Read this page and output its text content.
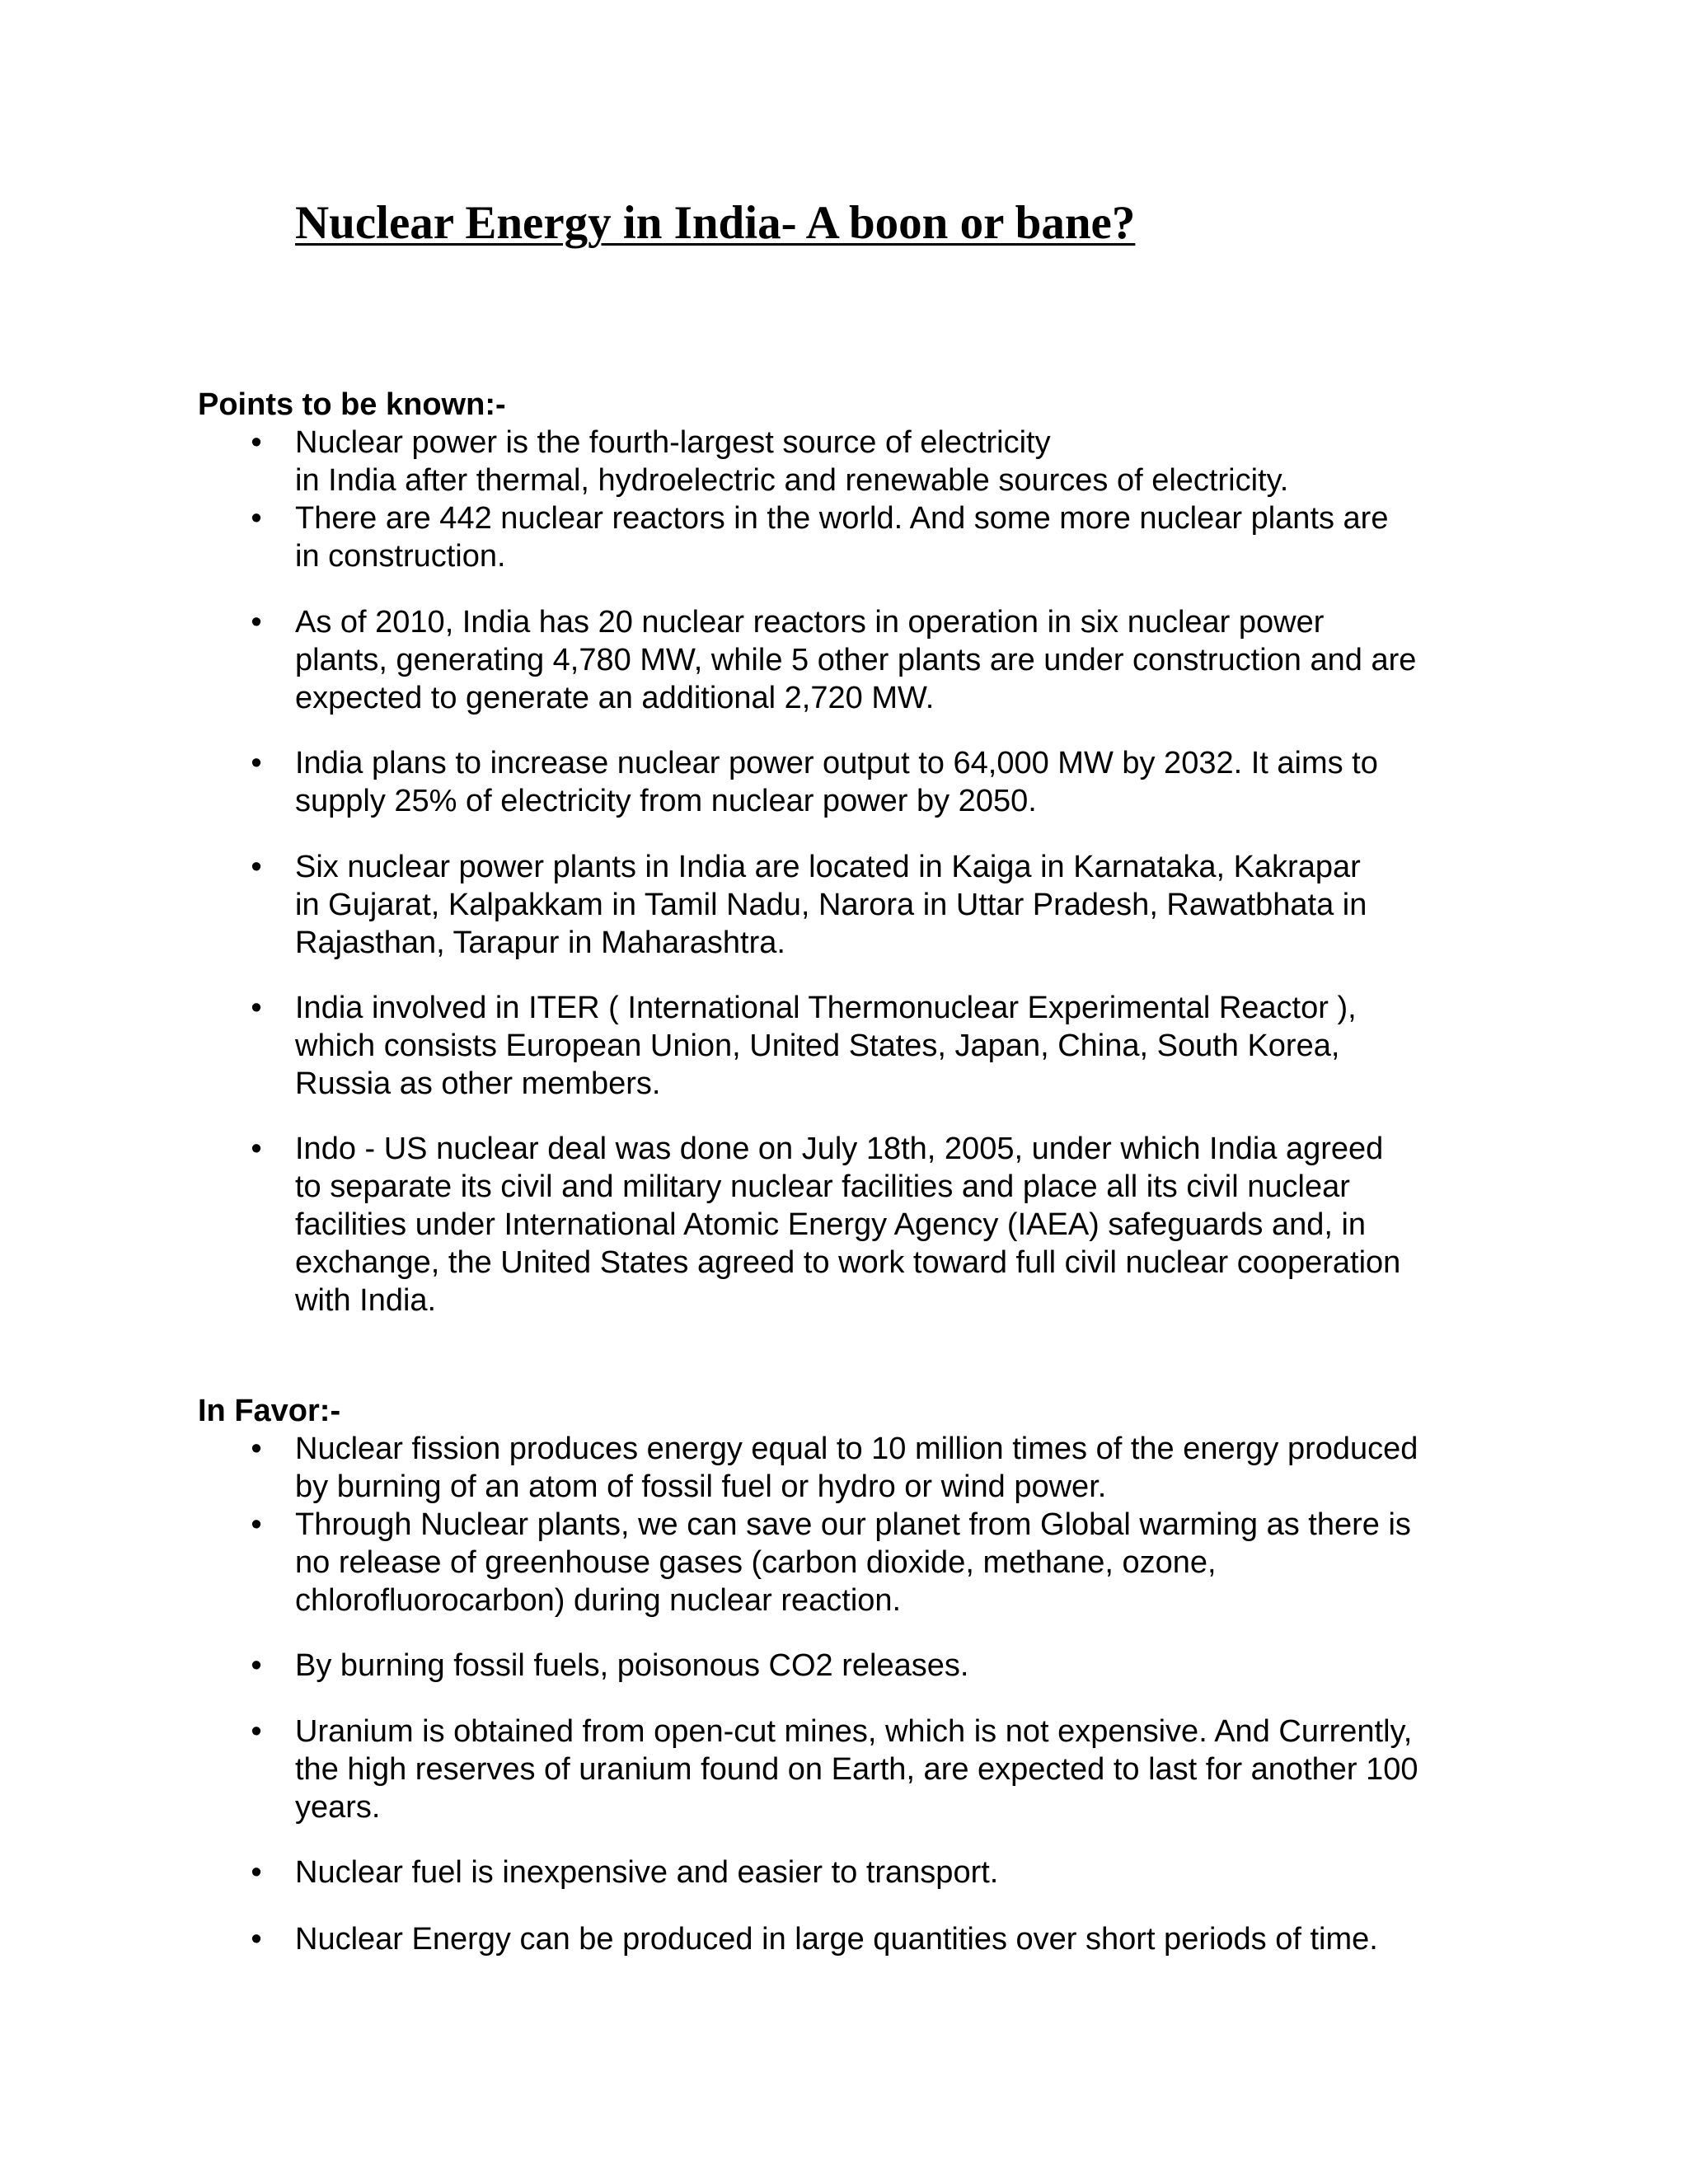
Nuclear Energy in India- A boon or bane?
Points to be known:-
• Nuclear power is the fourth-largest source of electricity
in India after thermal, hydroelectric and renewable sources of electricity.
• There are 442 nuclear reactors in the world. And some more nuclear plants are
in construction.
• As of 2010, India has 20 nuclear reactors in operation in six nuclear power
plants, generating 4,780 MW, while 5 other plants are under construction and are
expected to generate an additional 2,720 MW.
• India plans to increase nuclear power output to 64,000 MW by 2032. It aims to
supply 25% of electricity from nuclear power by 2050.
• Six nuclear power plants in India are located in Kaiga in Karnataka, Kakrapar
in Gujarat, Kalpakkam in Tamil Nadu, Narora in Uttar Pradesh, Rawatbhata in
Rajasthan, Tarapur in Maharashtra.
• India involved in ITER ( International Thermonuclear Experimental Reactor ),
which consists European Union, United States, Japan, China, South Korea,
Russia as other members.
• Indo - US nuclear deal was done on July 18th, 2005, under which India agreed
to separate its civil and military nuclear facilities and place all its civil nuclear
facilities under International Atomic Energy Agency (IAEA) safeguards and, in
exchange, the United States agreed to work toward full civil nuclear cooperation
with India.
In Favor:-
• Nuclear fission produces energy equal to 10 million times of the energy produced
by burning of an atom of fossil fuel or hydro or wind power.
• Through Nuclear plants, we can save our planet from Global warming as there is
no release of greenhouse gases (carbon dioxide, methane, ozone,
chlorofluorocarbon) during nuclear reaction.
• By burning fossil fuels, poisonous CO2 releases.
• Uranium is obtained from open-cut mines, which is not expensive. And Currently,
the high reserves of uranium found on Earth, are expected to last for another 100
years.
• Nuclear fuel is inexpensive and easier to transport.
• Nuclear Energy can be produced in large quantities over short periods of time.
